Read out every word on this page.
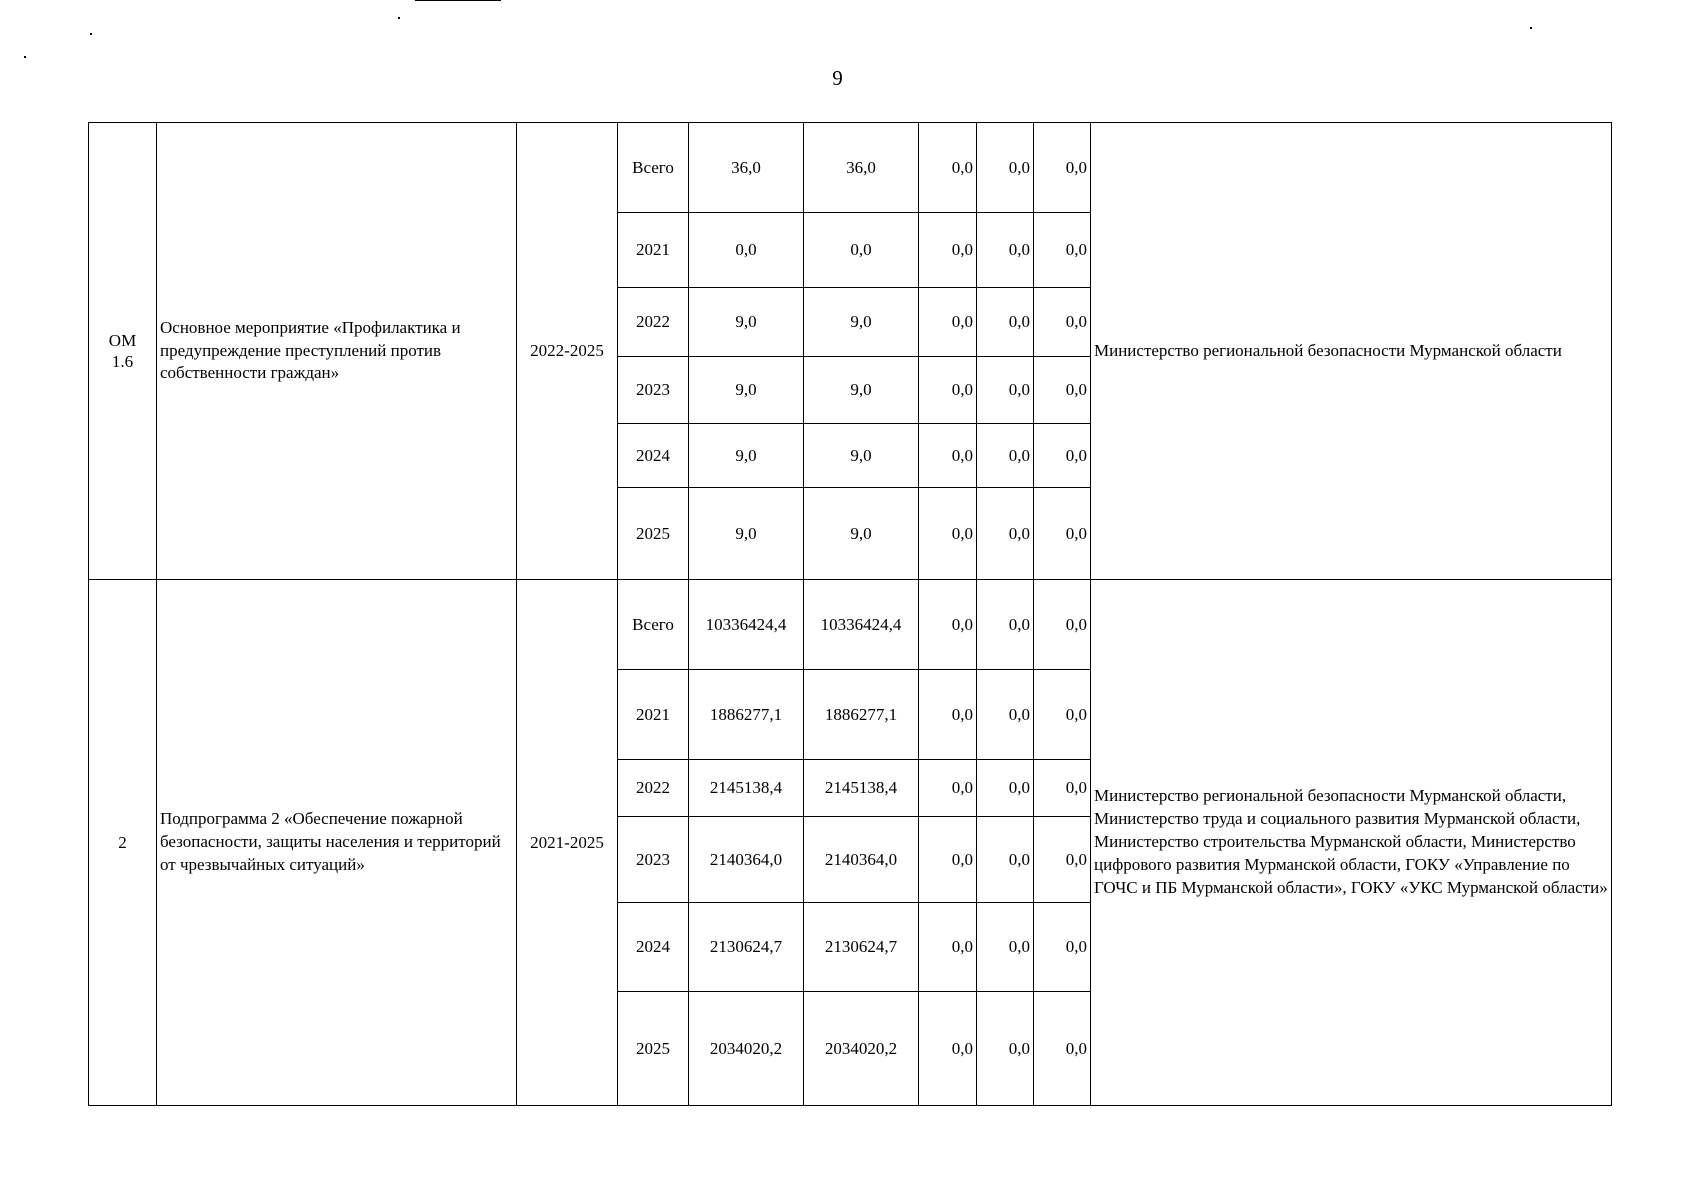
9
ОМ
1.6	Основное мероприятие «Профилактика и предупреждение преступлений против собственности граждан»	2022-2025	Всего	36,0	36,0	0,0	0,0	0,0	Министерство региональной безопасности Мурманской области
			2021	0,0	0,0	0,0	0,0	0,0	
			2022	9,0	9,0	0,0	0,0	0,0	
			2023	9,0	9,0	0,0	0,0	0,0	
			2024	9,0	9,0	0,0	0,0	0,0	
			2025	9,0	9,0	0,0	0,0	0,0	
2	Подпрограмма 2 «Обеспечение пожарной безопасности, защиты населения и территорий от чрезвычайных ситуаций»	2021-2025	Всего	10336424,4	10336424,4	0,0	0,0	0,0	Министерство региональной безопасности Мурманской области, Министерство труда и социального развития Мурманской области, Министерство строительства Мурманской области, Министерство цифрового развития Мурманской области, ГОКУ «Управление по ГОЧС и ПБ Мурманской области», ГОКУ «УКС Мурманской области»
			2021	1886277,1	1886277,1	0,0	0,0	0,0	
			2022	2145138,4	2145138,4	0,0	0,0	0,0	
			2023	2140364,0	2140364,0	0,0	0,0	0,0	
			2024	2130624,7	2130624,7	0,0	0,0	0,0	
			2025	2034020,2	2034020,2	0,0	0,0	0,0	
